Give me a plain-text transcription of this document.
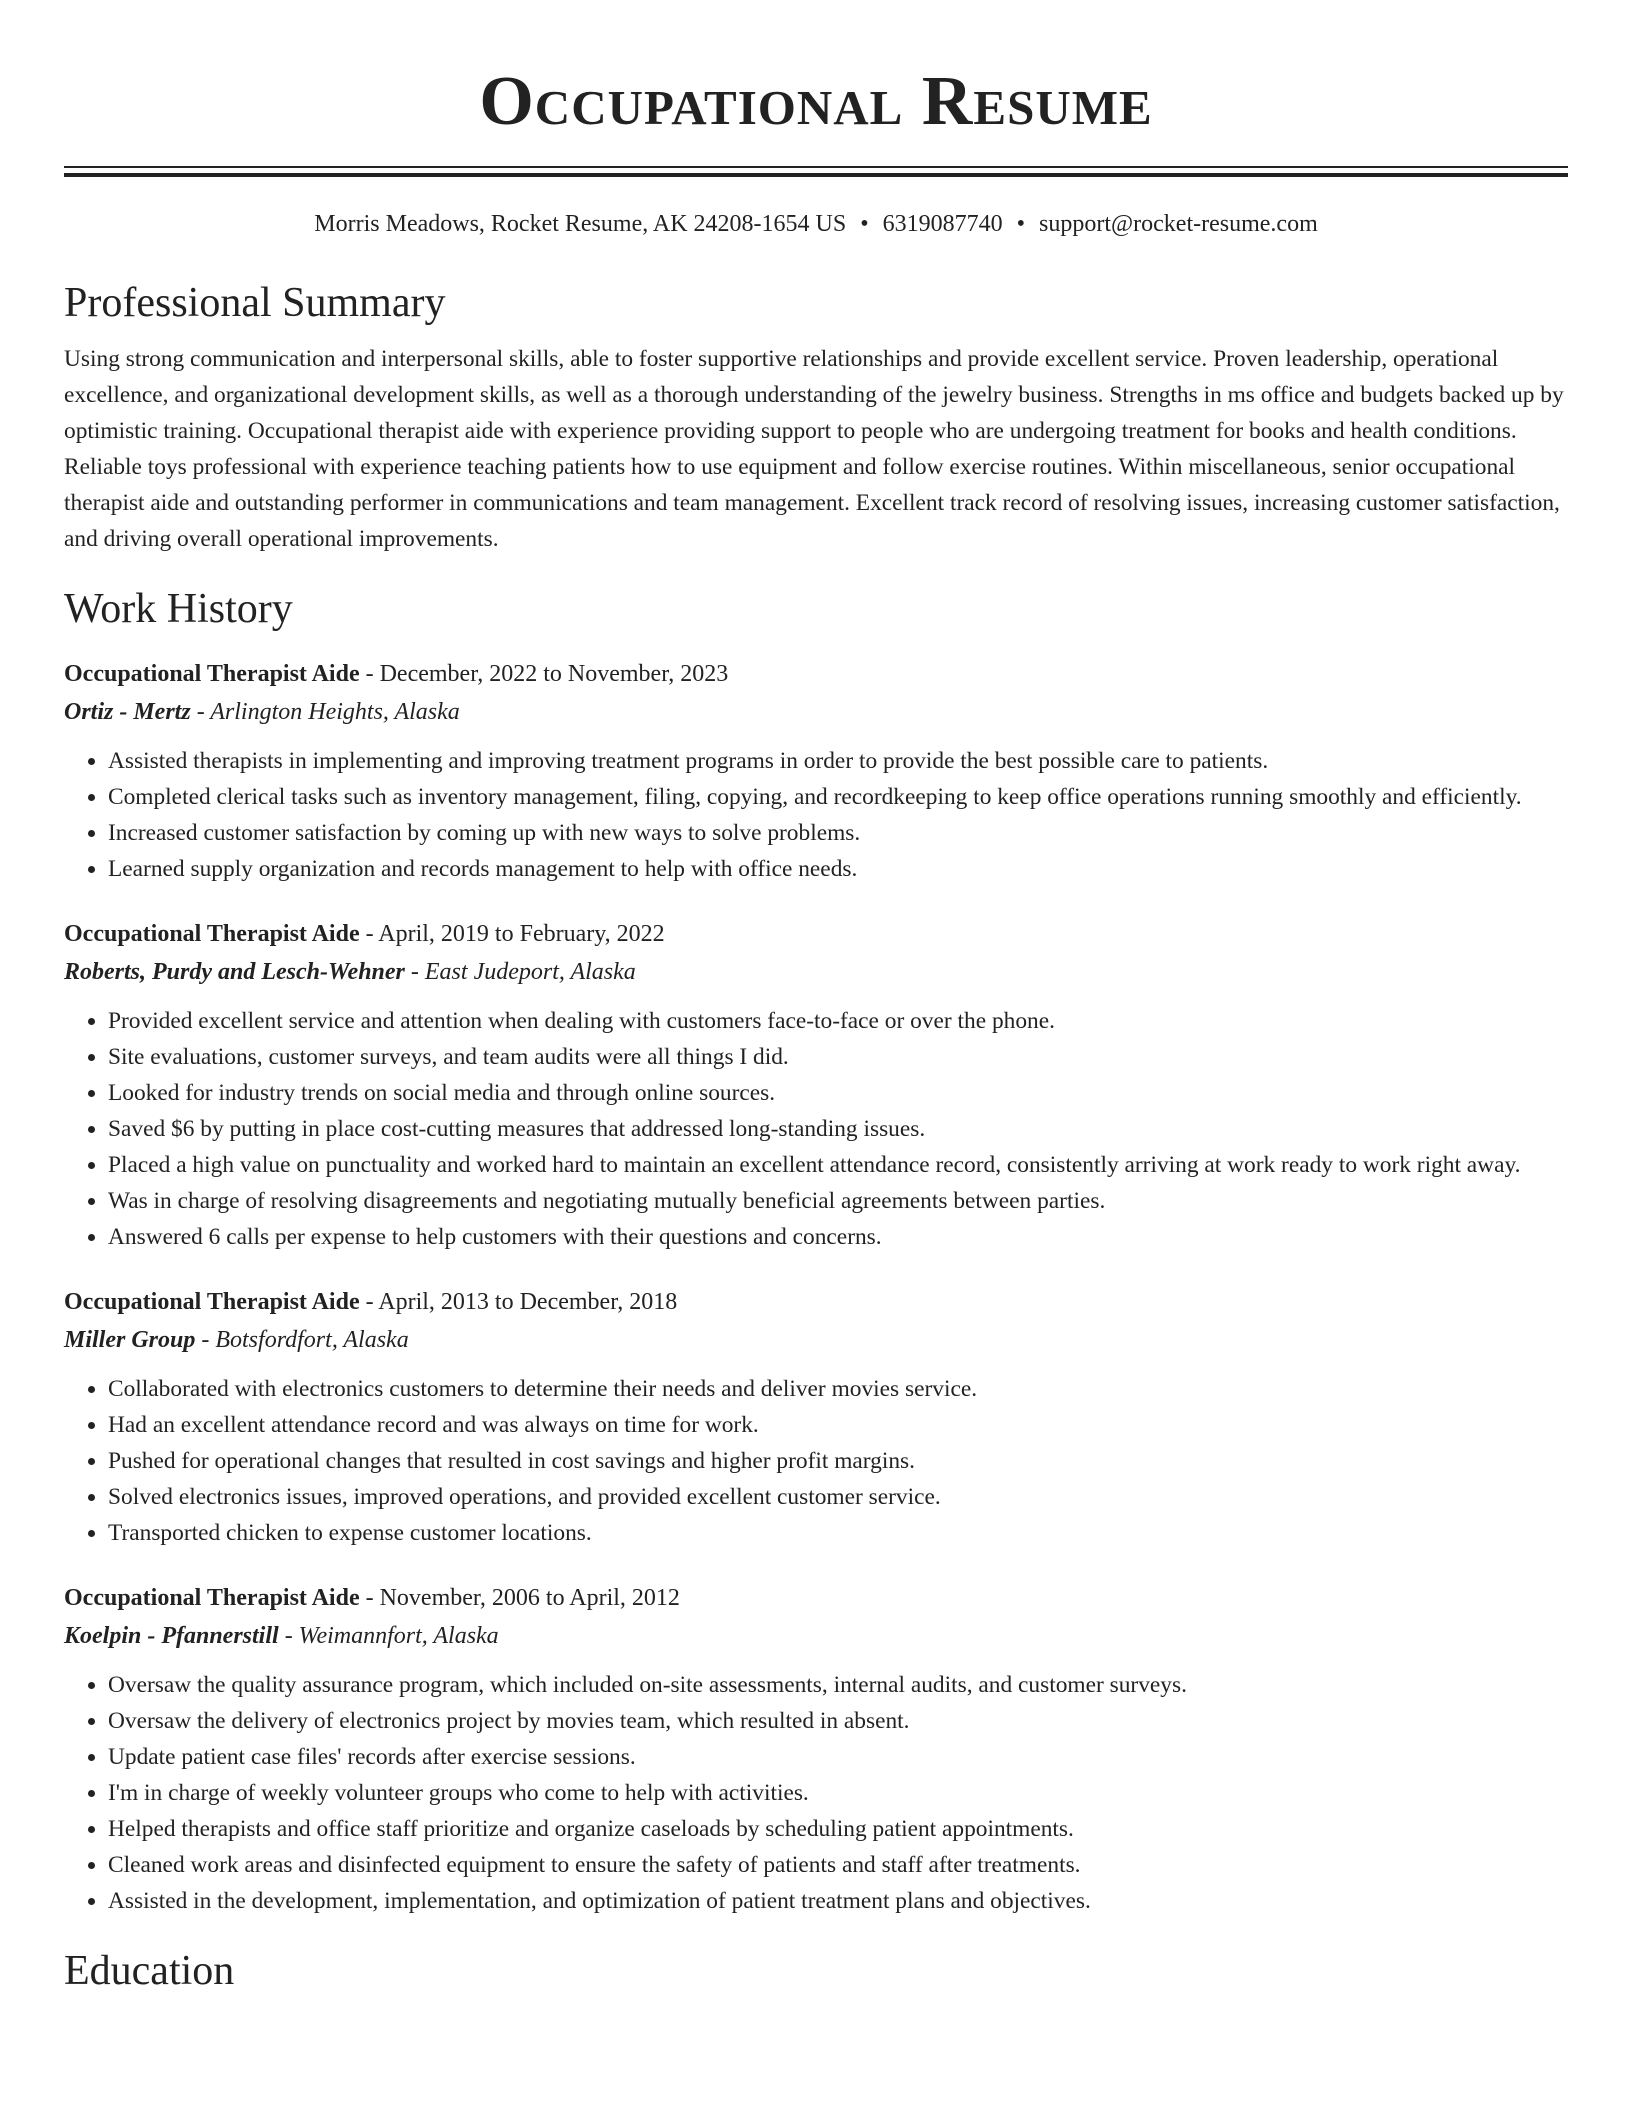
Occupational Resume
Morris Meadows, Rocket Resume, AK 24208-1654 US • 6319087740 • support@rocket-resume.com
Professional Summary

Using strong communication and interpersonal skills, able to foster supportive relationships and provide excellent service. Proven leadership, operational excellence, and organizational development skills, as well as a thorough understanding of the jewelry business. Strengths in ms office and budgets backed up by optimistic training. Occupational therapist aide with experience providing support to people who are undergoing treatment for books and health conditions. Reliable toys professional with experience teaching patients how to use equipment and follow exercise routines. Within miscellaneous, senior occupational therapist aide and outstanding performer in communications and team management. Excellent track record of resolving issues, increasing customer satisfaction, and driving overall operational improvements.

Work History
Occupational Therapist Aide - December, 2022 to November, 2023
Ortiz - Mertz - Arlington Heights, Alaska
• Assisted therapists in implementing and improving treatment programs in order to provide the best possible care to patients.
• Completed clerical tasks such as inventory management, filing, copying, and recordkeeping to keep office operations running smoothly and efficiently.
• Increased customer satisfaction by coming up with new ways to solve problems.
• Learned supply organization and records management to help with office needs.
Occupational Therapist Aide - April, 2019 to February, 2022
Roberts, Purdy and Lesch-Wehner - East Judeport, Alaska
• Provided excellent service and attention when dealing with customers face-to-face or over the phone.
• Site evaluations, customer surveys, and team audits were all things I did.
• Looked for industry trends on social media and through online sources.
• Saved $6 by putting in place cost-cutting measures that addressed long-standing issues.
• Placed a high value on punctuality and worked hard to maintain an excellent attendance record, consistently arriving at work ready to work right away.
• Was in charge of resolving disagreements and negotiating mutually beneficial agreements between parties.
• Answered 6 calls per expense to help customers with their questions and concerns.
Occupational Therapist Aide - April, 2013 to December, 2018
Miller Group - Botsfordfort, Alaska
• Collaborated with electronics customers to determine their needs and deliver movies service.
• Had an excellent attendance record and was always on time for work.
• Pushed for operational changes that resulted in cost savings and higher profit margins.
• Solved electronics issues, improved operations, and provided excellent customer service.
• Transported chicken to expense customer locations.
Occupational Therapist Aide - November, 2006 to April, 2012
Koelpin - Pfannerstill - Weimannfort, Alaska
• Oversaw the quality assurance program, which included on-site assessments, internal audits, and customer surveys.
• Oversaw the delivery of electronics project by movies team, which resulted in absent.
• Update patient case files' records after exercise sessions.
• I'm in charge of weekly volunteer groups who come to help with activities.
• Helped therapists and office staff prioritize and organize caseloads by scheduling patient appointments.
• Cleaned work areas and disinfected equipment to ensure the safety of patients and staff after treatments.
• Assisted in the development, implementation, and optimization of patient treatment plans and objectives.
Education
